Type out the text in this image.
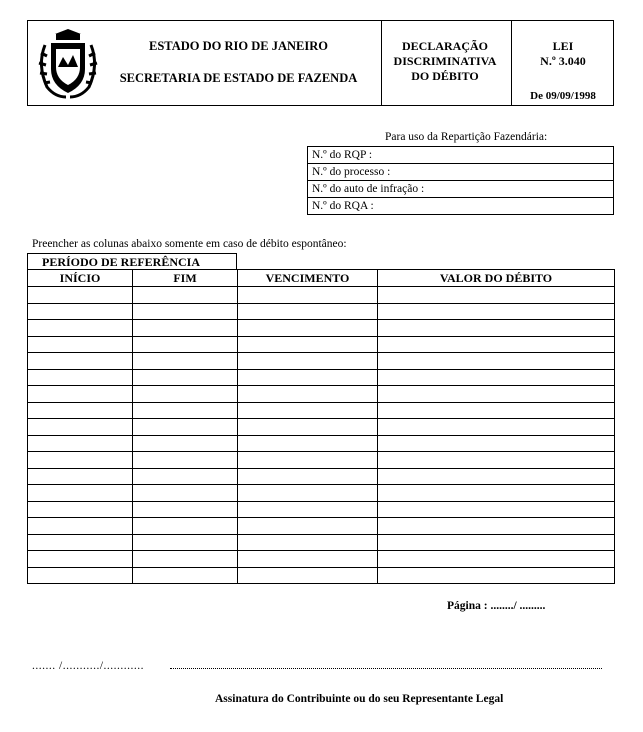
ESTADO DO RIO DE JANEIRO
SECRETARIA DE ESTADO DE FAZENDA
DECLARAÇÃO
DISCRIMINATIVA
DO DÉBITO
LEI
N.º 3.040
De 09/09/1998
Para uso da Repartição Fazendária:
N.º do RQP :
N.º do processo :
N.º do auto de infração :
N.º do RQA :
Preencher as colunas abaixo somente em caso de débito espontâneo:
PERÍODO DE REFERÊNCIA
INÍCIO	FIM	VENCIMENTO	VALOR DO DÉBITO

Página : ......../ .........
....... /.........../............
Assinatura do Contribuinte ou do seu Representante Legal
